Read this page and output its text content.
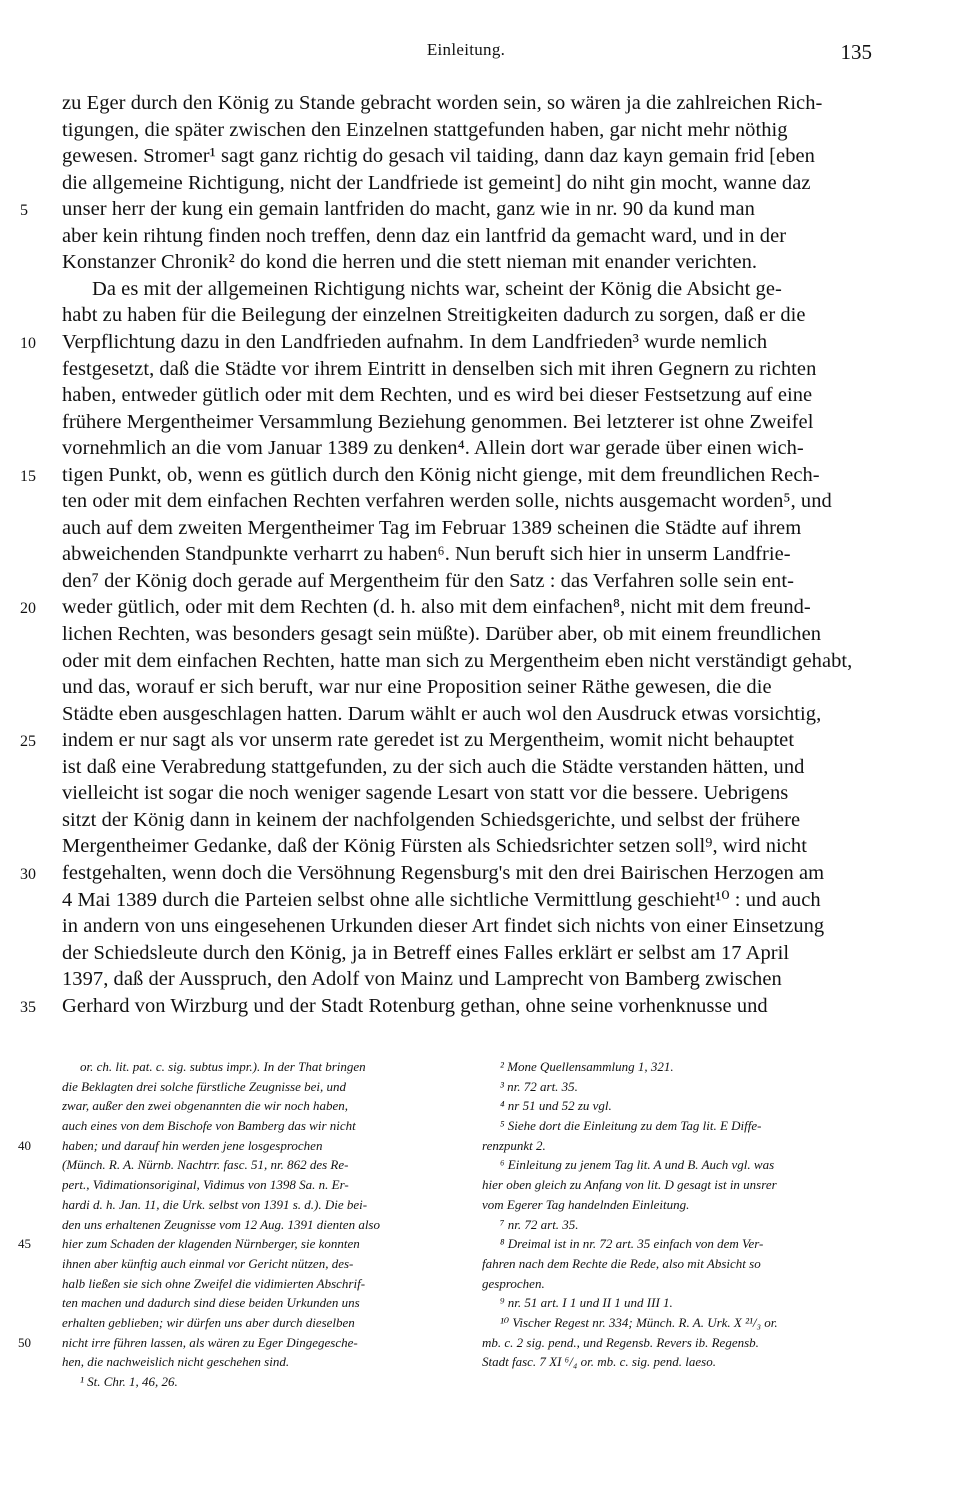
Einleitung.	135
zu Eger durch den König zu Stande gebracht worden sein, so wären ja die zahlreichen Rich-
tigungen, die später zwischen den Einzelnen stattgefunden haben, gar nicht mehr nöthig
gewesen. Stromer¹ sagt ganz richtig do gesach vil taiding, dann daz kayn gemain frid [eben
die allgemeine Richtigung, nicht der Landfriede ist gemeint] do niht gin mocht, wanne daz
unser herr der kung ein gemain lantfriden do macht, ganz wie in nr. 90 da kund man
5
aber kein rihtung finden noch treffen, denn daz ein lantfrid da gemacht ward, und in der
Konstanzer Chronik² do kond die herren und die stett nieman mit enander verichten.
Da es mit der allgemeinen Richtigung nichts war, scheint der König die Absicht ge-
habt zu haben für die Beilegung der einzelnen Streitigkeiten dadurch zu sorgen, daß er die
Verpflichtung dazu in den Landfrieden aufnahm. In dem Landfrieden³ wurde nemlich
10
festgesetzt, daß die Städte vor ihrem Eintritt in denselben sich mit ihren Gegnern zu richten
haben, entweder gütlich oder mit dem Rechten, und es wird bei dieser Festsetzung auf eine
frühere Mergentheimer Versammlung Beziehung genommen. Bei letzterer ist ohne Zweifel
vornehmlich an die vom Januar 1389 zu denken⁴. Allein dort war gerade über einen wich-
tigen Punkt, ob, wenn es gütlich durch den König nicht gienge, mit dem freundlichen Rech-
15
ten oder mit dem einfachen Rechten verfahren werden solle, nichts ausgemacht worden⁵, und
auch auf dem zweiten Mergentheimer Tag im Februar 1389 scheinen die Städte auf ihrem
abweichenden Standpunkte verharrt zu haben⁶. Nun beruft sich hier in unserm Landfrie-
den⁷ der König doch gerade auf Mergentheim für den Satz : das Verfahren solle sein ent-
weder gütlich, oder mit dem Rechten (d. h. also mit dem einfachen⁸, nicht mit dem freund-
20
lichen Rechten, was besonders gesagt sein müßte). Darüber aber, ob mit einem freundlichen
oder mit dem einfachen Rechten, hatte man sich zu Mergentheim eben nicht verständigt gehabt,
und das, worauf er sich beruft, war nur eine Proposition seiner Räthe gewesen, die die
Städte eben ausgeschlagen hatten. Darum wählt er auch wol den Ausdruck etwas vorsichtig,
indem er nur sagt als vor unserm rate geredet ist zu Mergentheim, womit nicht behauptet
25
ist daß eine Verabredung stattgefunden, zu der sich auch die Städte verstanden hätten, und
vielleicht ist sogar die noch weniger sagende Lesart von statt vor die bessere. Uebrigens
sitzt der König dann in keinem der nachfolgenden Schiedsgerichte, und selbst der frühere
Mergentheimer Gedanke, daß der König Fürsten als Schiedsrichter setzen soll⁹, wird nicht
festgehalten, wenn doch die Versöhnung Regensburg's mit den drei Bairischen Herzogen am
30
4 Mai 1389 durch die Parteien selbst ohne alle sichtliche Vermittlung geschieht¹⁰ : und auch
in andern von uns eingesehenen Urkunden dieser Art findet sich nichts von einer Einsetzung
der Schiedsleute durch den König, ja in Betreff eines Falles erklärt er selbst am 17 April
1397, daß der Ausspruch, den Adolf von Mainz und Lamprecht von Bamberg zwischen
Gerhard von Wirzburg und der Stadt Rotenburg gethan, ohne seine vorhenknusse und
35
or. ch. lit. pat. c. sig. subtus impr.). In der That bringen
die Beklagten drei solche fürstliche Zeugnisse bei, und
zwar, außer den zwei obgenannten die wir noch haben,
auch eines von dem Bischofe von Bamberg das wir nicht
haben; und darauf hin werden jene losgesprochen
(Münch. R. A. Nürnb. Nachtrr. fasc. 51, nr. 862 des Re-
pert., Vidimationsoriginal, Vidimus von 1398 Sa. n. Er-
hardi d. h. Jan. 11, die Urk. selbst von 1391 s. d.). Die bei-
den uns erhaltenen Zeugnisse vom 12 Aug. 1391 dienten also
hier zum Schaden der klagenden Nürnberger, sie konnten
ihnen aber künftig auch einmal vor Gericht nützen, des-
halb ließen sie sich ohne Zweifel die vidimierten Abschrif-
ten machen und dadurch sind diese beiden Urkunden uns
erhalten geblieben; wir dürfen uns aber durch dieselben
nicht irre führen lassen, als wären zu Eger Dingegesche-
hen, die nachweislich nicht geschehen sind.
¹ St. Chr. 1, 46, 26.
² Mone Quellensammlung 1, 321.
³ nr. 72 art. 35.
⁴ nr 51 und 52 zu vgl.
⁵ Siehe dort die Einleitung zu dem Tag lit. E Diffe-
renzpunkt 2.
⁶ Einleitung zu jenem Tag lit. A und B. Auch vgl. was
hier oben gleich zu Anfang von lit. D gesagt ist in unsrer
vom Egerer Tag handelnden Einleitung.
⁷ nr. 72 art. 35.
⁸ Dreimal ist in nr. 72 art. 35 einfach von dem Ver-
fahren nach dem Rechte die Rede, also mit Absicht so
gesprochen.
⁹ nr. 51 art. I 1 und II 1 und III 1.
¹⁰ Vischer Regest nr. 334; Münch. R. A. Urk. X ²¹/₃ or.
mb. c. 2 sig. pend., und Regensb. Revers ib. Regensb.
Stadt fasc. 7 XI ⁶/₄ or. mb. c. sig. pend. laeso.
40
45
50
